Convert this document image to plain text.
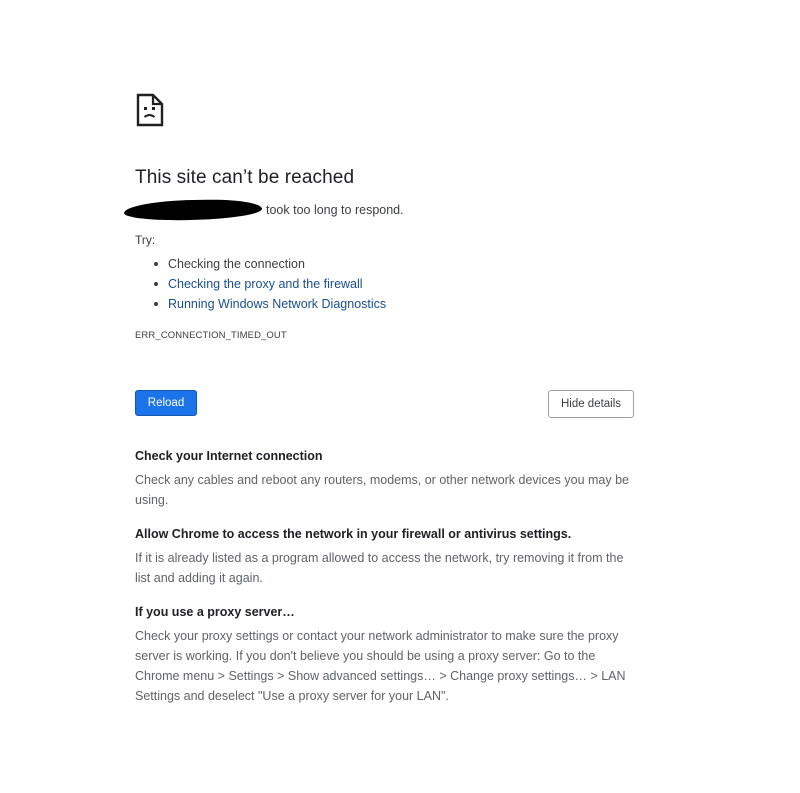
This site can’t be reached
took too long to respond.
Try:
Checking the connection
Checking the proxy and the firewall
Running Windows Network Diagnostics
ERR_CONNECTION_TIMED_OUT
Reload	Hide details
Check your Internet connection

Check any cables and reboot any routers, modems, or other network devices you may be using.

Allow Chrome to access the network in your firewall or antivirus settings.

If it is already listed as a program allowed to access the network, try removing it from the list and adding it again.

If you use a proxy server…

Check your proxy settings or contact your network administrator to make sure the proxy server is working. If you don't believe you should be using a proxy server: Go to the Chrome menu > Settings > Show advanced settings… > Change proxy settings… > LAN Settings and deselect "Use a proxy server for your LAN".
